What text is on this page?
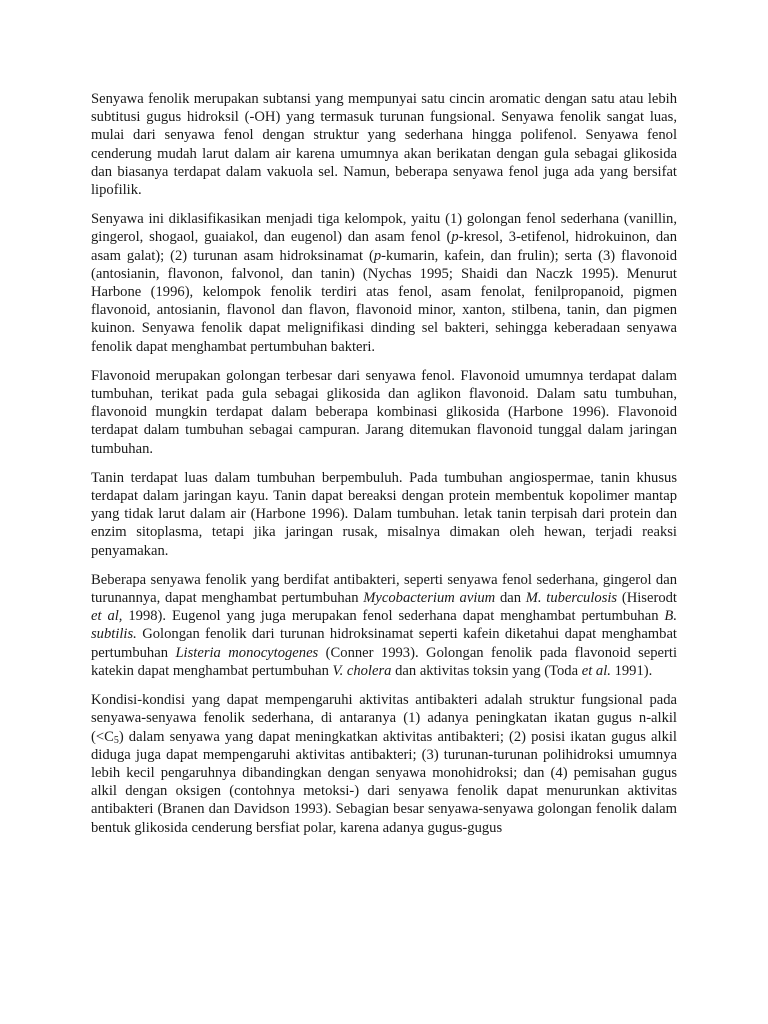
Senyawa fenolik merupakan subtansi yang mempunyai satu cincin aromatic dengan satu atau lebih subtitusi gugus hidroksil (-OH) yang termasuk turunan fungsional. Senyawa fenolik sangat luas, mulai dari senyawa fenol dengan struktur yang sederhana hingga polifenol. Senyawa fenol cenderung mudah larut dalam air karena umumnya akan berikatan dengan gula sebagai glikosida dan biasanya terdapat dalam vakuola sel. Namun, beberapa senyawa fenol juga ada yang bersifat lipofilik.

Senyawa ini diklasifikasikan menjadi tiga kelompok, yaitu (1) golongan fenol sederhana (vanillin, gingerol, shogaol, guaiakol, dan eugenol) dan asam fenol (p-kresol, 3-etifenol, hidrokuinon, dan asam galat); (2) turunan asam hidroksinamat (p-kumarin, kafein, dan frulin); serta (3) flavonoid (antosianin, flavonon, falvonol, dan tanin) (Nychas 1995; Shaidi dan Naczk 1995). Menurut Harbone (1996), kelompok fenolik terdiri atas fenol, asam fenolat, fenilpropanoid, pigmen flavonoid, antosianin, flavonol dan flavon, flavonoid minor, xanton, stilbena, tanin, dan pigmen kuinon. Senyawa fenolik dapat melignifikasi dinding sel bakteri, sehingga keberadaan senyawa fenolik dapat menghambat pertumbuhan bakteri.

Flavonoid merupakan golongan terbesar dari senyawa fenol. Flavonoid umumnya terdapat dalam tumbuhan, terikat pada gula sebagai glikosida dan aglikon flavonoid. Dalam satu tumbuhan, flavonoid mungkin terdapat dalam beberapa kombinasi glikosida (Harbone 1996). Flavonoid terdapat dalam tumbuhan sebagai campuran. Jarang ditemukan flavonoid tunggal dalam jaringan tumbuhan.

Tanin terdapat luas dalam tumbuhan berpembuluh. Pada tumbuhan angiospermae, tanin khusus terdapat dalam jaringan kayu. Tanin dapat bereaksi dengan protein membentuk kopolimer mantap yang tidak larut dalam air (Harbone 1996). Dalam tumbuhan. letak tanin terpisah dari protein dan enzim sitoplasma, tetapi jika jaringan rusak, misalnya dimakan oleh hewan, terjadi reaksi penyamakan.

Beberapa senyawa fenolik yang berdifat antibakteri, seperti senyawa fenol sederhana, gingerol dan turunannya, dapat menghambat pertumbuhan Mycobacterium avium dan M. tuberculosis (Hiserodt et al, 1998). Eugenol yang juga merupakan fenol sederhana dapat menghambat pertumbuhan B. subtilis. Golongan fenolik dari turunan hidroksinamat seperti kafein diketahui dapat menghambat pertumbuhan Listeria monocytogenes (Conner 1993). Golongan fenolik pada flavonoid seperti katekin dapat menghambat pertumbuhan V. cholera dan aktivitas toksin yang (Toda et al. 1991).

Kondisi-kondisi yang dapat mempengaruhi aktivitas antibakteri adalah struktur fungsional pada senyawa-senyawa fenolik sederhana, di antaranya (1) adanya peningkatan ikatan gugus n-alkil $(<C_5)$ dalam senyawa yang dapat meningkatkan aktivitas antibakteri; (2) posisi ikatan gugus alkil diduga juga dapat mempengaruhi aktivitas antibakteri; (3) turunan-turunan polihidroksi umumnya lebih kecil pengaruhnya dibandingkan dengan senyawa monohidroksi; dan (4) pemisahan gugus alkil dengan oksigen (contohnya metoksi-) dari senyawa fenolik dapat menurunkan aktivitas antibakteri (Branen dan Davidson 1993). Sebagian besar senyawa-senyawa golongan fenolik dalam bentuk glikosida cenderung bersfiat polar, karena adanya gugus-gugus
